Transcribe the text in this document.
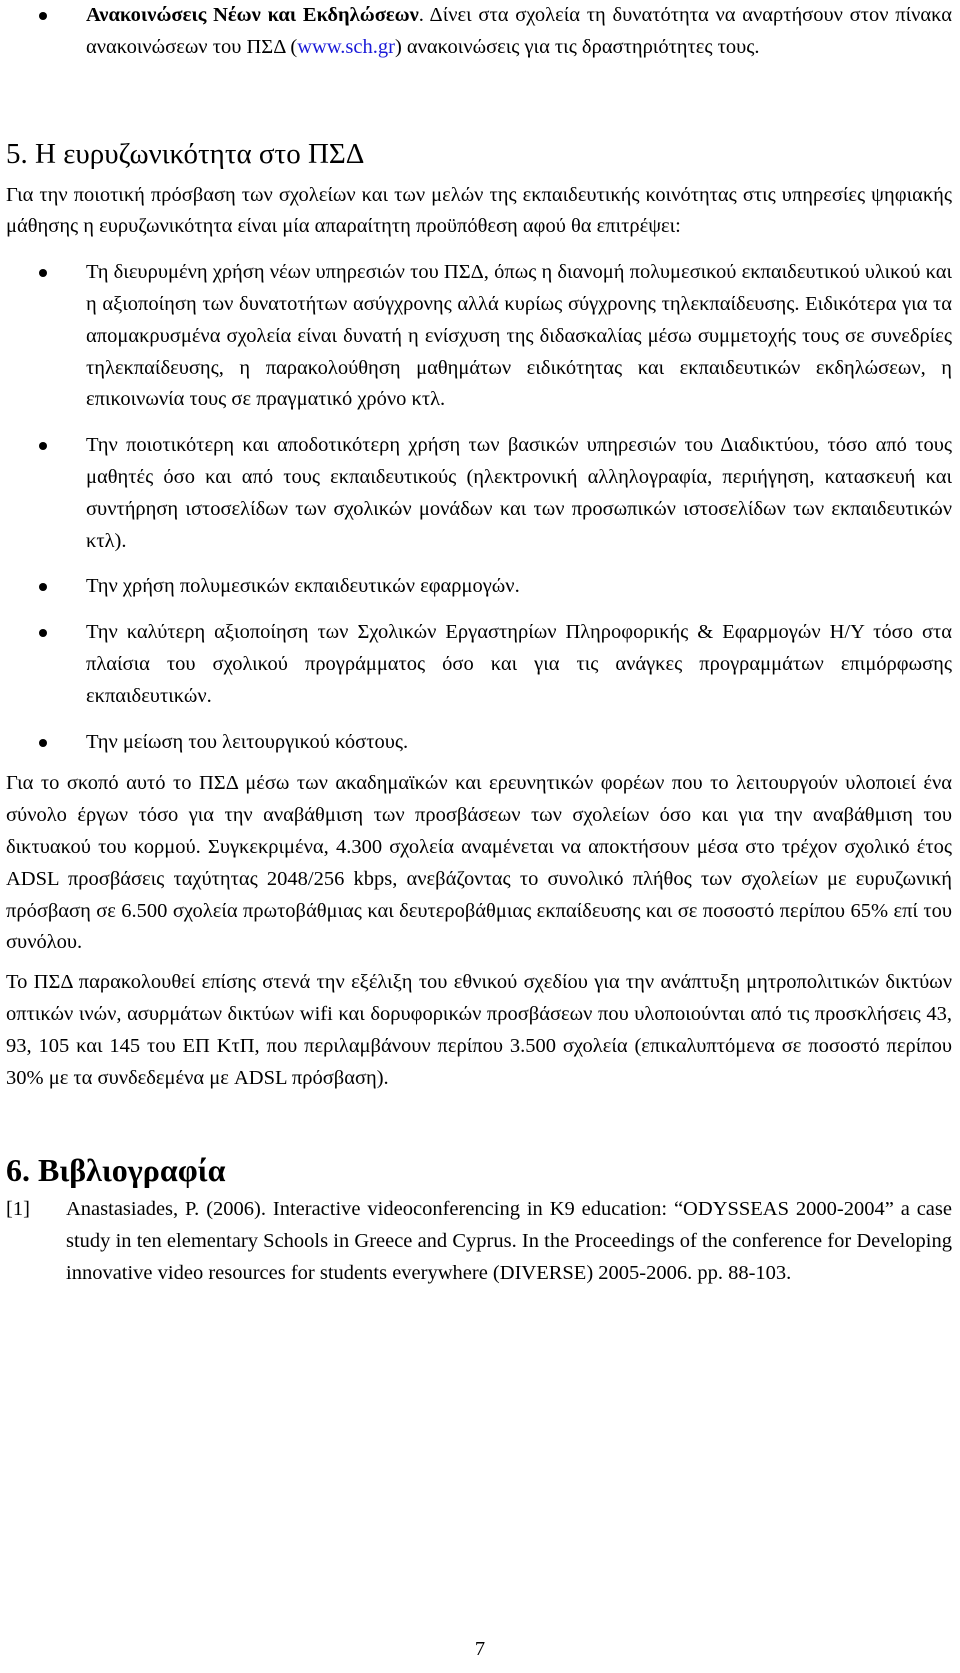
Ανακοινώσεις Νέων και Εκδηλώσεων. Δίνει στα σχολεία τη δυνατότητα να αναρτήσουν στον πίνακα ανακοινώσεων του ΠΣΔ (www.sch.gr) ανακοινώσεις για τις δραστηριότητες τους.
5. Η ευρυζωνικότητα στο ΠΣΔ

Για την ποιοτική πρόσβαση των σχολείων και των μελών της εκπαιδευτικής κοινότητας στις υπηρεσίες ψηφιακής μάθησης η ευρυζωνικότητα είναι μία απαραίτητη προϋπόθεση αφού θα επιτρέψει:

Τη διευρυμένη χρήση νέων υπηρεσιών του ΠΣΔ, όπως η διανομή πολυμεσικού εκπαιδευτικού υλικού και η αξιοποίηση των δυνατοτήτων ασύγχρονης αλλά κυρίως σύγχρονης τηλεκπαίδευσης. Ειδικότερα για τα απομακρυσμένα σχολεία είναι δυνατή η ενίσχυση της διδασκαλίας μέσω συμμετοχής τους σε συνεδρίες τηλεκπαίδευσης, η παρακολούθηση μαθημάτων ειδικότητας και εκπαιδευτικών εκδηλώσεων, η επικοινωνία τους σε πραγματικό χρόνο κτλ.
Την ποιοτικότερη και αποδοτικότερη χρήση των βασικών υπηρεσιών του Διαδικτύου, τόσο από τους μαθητές όσο και από τους εκπαιδευτικούς (ηλεκτρονική αλληλογραφία, περιήγηση, κατασκευή και συντήρηση ιστοσελίδων των σχολικών μονάδων και των προσωπικών ιστοσελίδων των εκπαιδευτικών κτλ).
Την χρήση πολυμεσικών εκπαιδευτικών εφαρμογών.
Την καλύτερη αξιοποίηση των Σχολικών Εργαστηρίων Πληροφορικής & Εφαρμογών Η/Υ τόσο στα πλαίσια του σχολικού προγράμματος όσο και για τις ανάγκες προγραμμάτων επιμόρφωσης εκπαιδευτικών.
Την μείωση του λειτουργικού κόστους.

Για το σκοπό αυτό το ΠΣΔ μέσω των ακαδημαϊκών και ερευνητικών φορέων που το λειτουργούν υλοποιεί ένα σύνολο έργων τόσο για την αναβάθμιση των προσβάσεων των σχολείων όσο και για την αναβάθμιση του δικτυακού του κορμού. Συγκεκριμένα, 4.300 σχολεία αναμένεται να αποκτήσουν μέσα στο τρέχον σχολικό έτος ADSL προσβάσεις ταχύτητας 2048/256 kbps, ανεβάζοντας το συνολικό πλήθος των σχολείων με ευρυζωνική πρόσβαση σε 6.500 σχολεία πρωτοβάθμιας και δευτεροβάθμιας εκπαίδευσης και σε ποσοστό περίπου 65% επί του συνόλου.

Το ΠΣΔ παρακολουθεί επίσης στενά την εξέλιξη του εθνικού σχεδίου για την ανάπτυξη μητροπολιτικών δικτύων οπτικών ινών, ασυρμάτων δικτύων wifi και δορυφορικών προσβάσεων που υλοποιούνται από τις προσκλήσεις 43, 93, 105 και 145 του ΕΠ ΚτΠ, που περιλαμβάνουν περίπου 3.500 σχολεία (επικαλυπτόμενα σε ποσοστό περίπου 30% με τα συνδεδεμένα με ADSL πρόσβαση).

6. Βιβλιογραφία

[1] Anastasiades, P. (2006). Interactive videoconferencing in K9 education: “ODYSSEAS 2000-2004” a case study in ten elementary Schools in Greece and Cyprus. In the Proceedings of the conference for Developing innovative video resources for students everywhere (DIVERSE) 2005-2006. pp. 88-103.

7
